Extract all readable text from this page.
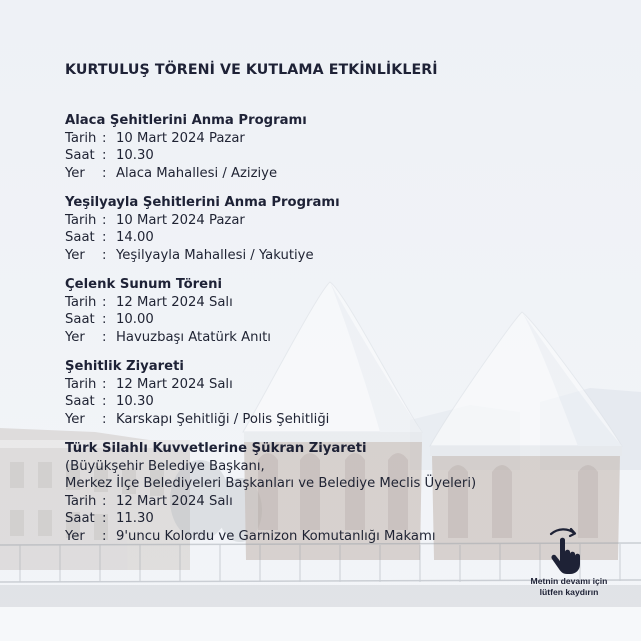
KURTULUŞ TÖRENİ VE KUTLAMA ETKİNLİKLERİ
Alaca Şehitlerini Anma Programı
Tarih : 10 Mart 2024 Pazar
Saat : 10.30
Yer	: Alaca Mahallesi / Aziziye
Yeşilyayla Şehitlerini Anma Programı
Tarih : 10 Mart 2024 Pazar
Saat : 14.00
Yer	: Yeşilyayla Mahallesi / Yakutiye
Çelenk Sunum Töreni
Tarih : 12 Mart 2024 Salı
Saat : 10.00
Yer	: Havuzbaşı Atatürk Anıtı
Şehitlik Ziyareti
Tarih : 12 Mart 2024 Salı
Saat : 10.30
Yer	: Karskapı Şehitliği / Polis Şehitliği
Türk Silahlı Kuvvetlerine Şükran Ziyareti
(Büyükşehir Belediye Başkanı,
Merkez İlçe Belediyeleri Başkanları ve Belediye Meclis Üyeleri)
Tarih : 12 Mart 2024 Salı
Saat : 11.30
Yer	: 9'uncu Kolordu ve Garnizon Komutanlığı Makamı
Metnin devamı için
lütfen kaydırın
